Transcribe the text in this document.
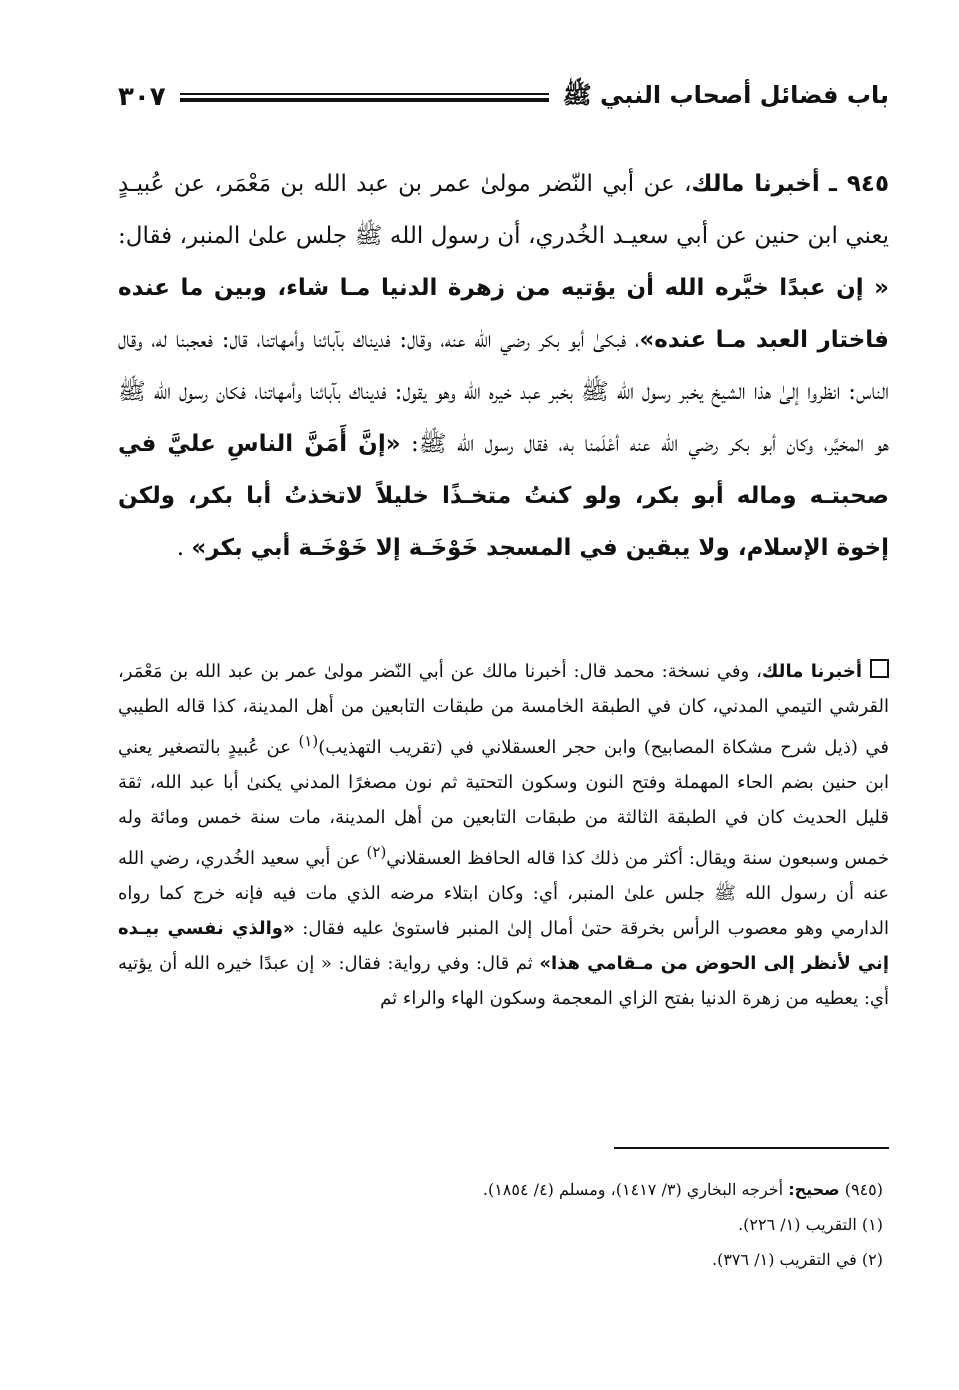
باب فضائل أصحاب النبي ﷺ
٣٠٧
٩٤٥ ـ أخبرنا مالك، عن أبي النّضر مولىٰ عمر بن عبد الله بن مَعْمَر، عن عُبيـدٍ يعني ابن حنين عن أبي سعيـد الخُدري، أن رسول الله ﷺ جلس علىٰ المنبر، فقال: « إن عبدًا خيَّره الله أن يؤتيه من زهرة الدنيا مـا شاء، وبين ما عنده فاختار العبد مـا عنده»، فبكىٰ أبو بكر رضي الله عنه، وقال: فديناك بآبائنا وأمهاتنا، قال: فعجبنا له، وقال الناس: انظروا إلىٰ هذا الشيخ يخبر رسول الله ﷺ بخبر عبد خيره الله وهو يقول: فديناك بآبائنا وأمهاتنا، فكان رسول الله ﷺ هو المخيَّر، وكان أبو بكر رضي الله عنه أعْلَمنا به، فقال رسول الله ﷺ: «إنَّ أَمَنَّ الناسِ عليَّ في صحبتـه وماله أبو بكر، ولو كنتُ متخـذًا خليلاً لاتخذتُ أبا بكر، ولكن إخوة الإسلام، ولا يبقين في المسجد خَوْخَـة إلا خَوْخَـة أبي بكر» .
أخبرنا مالك، وفي نسخة: محمد قال: أخبرنا مالك عن أبي النّضر مولىٰ عمر بن عبد الله بن مَعْمَر، القرشي التيمي المدني، كان في الطبقة الخامسة من طبقات التابعين من أهل المدينة، كذا قاله الطيبي في (ذيل شرح مشكاة المصابيح) وابن حجر العسقلاني في (تقريب التهذيب)$^{(١)}$ عن عُبيدٍ بالتصغير يعني ابن حنين بضم الحاء المهملة وفتح النون وسكون التحتية ثم نون مصغرًا المدني يكنىٰ أبا عبد الله، ثقة قليل الحديث كان في الطبقة الثالثة من طبقات التابعين من أهل المدينة، مات سنة خمس ومائة وله خمس وسبعون سنة ويقال: أكثر من ذلك كذا قاله الحافظ العسقلاني$^{(٢)}$ عن أبي سعيد الخُدري، رضي الله عنه أن رسول الله ﷺ جلس علىٰ المنبر، أي: وكان ابتلاء مرضه الذي مات فيه فإنه خرج كما رواه الدارمي وهو معصوب الرأس بخرقة حتىٰ أمال إلىٰ المنبر فاستوىٰ عليه فقال: «والذي نفسي بيـده إني لأنظر إلى الحوض من مـقامي هذا» ثم قال: وفي رواية: فقال: « إن عبدًا خيره الله أن يؤتيه أي: يعطيه من زهرة الدنيا بفتح الزاي المعجمة وسكون الهاء والراء ثم
(٩٤٥) صحيح: أخرجه البخاري (٣/ ١٤١٧)، ومسلم (٤/ ١٨٥٤).
(١) التقريب (١/ ٢٢٦).
(٢) في التقريب (١/ ٣٧٦).
